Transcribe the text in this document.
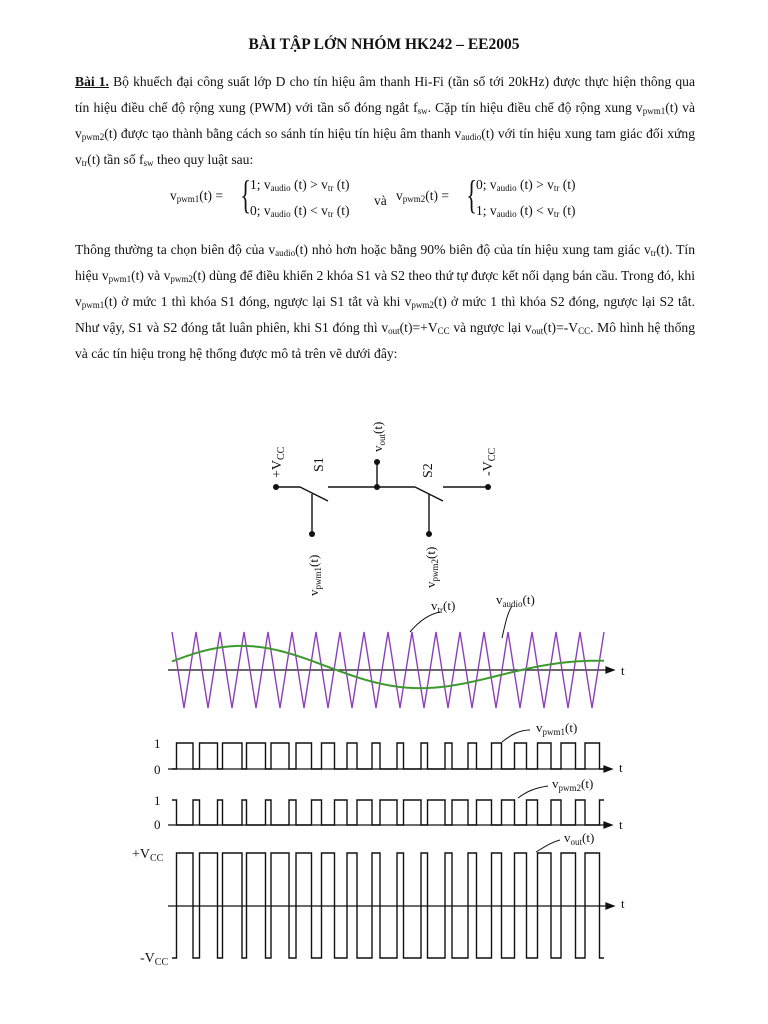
BÀI TẬP LỚN NHÓM HK242 – EE2005
Bài 1. Bộ khuếch đại công suất lớp D cho tín hiệu âm thanh Hi-Fi (tần số tới 20kHz) được thực hiện thông qua tín hiệu điều chế độ rộng xung (PWM) với tần số đóng ngắt $f_{sw}$. Cặp tín hiệu điều chế độ rộng xung $v_{pwm1}(t)$ và $v_{pwm2}(t)$ được tạo thành bằng cách so sánh tín hiệu tín hiệu âm thanh $v_{audio}(t)$ với tín hiệu xung tam giác đối xứng $v_{tr}(t)$ tần số $f_{sw}$ theo quy luật sau:
$v_{pwm1}(t)$ = { 1; $v_{audio}$ $(t) > v_{tr}$ (t)
0; $v_{audio}$ $(t) < v_{tr}$ (t)
và $v_{pwm2}(t)$ = { 0; $v_{audio}$ $(t) > v_{tr}$ (t)
1; $v_{audio}$ $(t) < v_{tr}$ (t)
Thông thường ta chọn biên độ của $v_{audio}(t)$ nhỏ hơn hoặc bằng 90% biên độ của tín hiệu xung tam giác $v_{tr}(t)$. Tín hiệu $v_{pwm1}(t)$ và $v_{pwm2}(t)$ dùng để điều khiển 2 khóa S1 và S2 theo thứ tự được kết nối dạng bán cầu. Trong đó, khi $v_{pwm1}(t)$ ở mức 1 thì khóa S1 đóng, ngược lại S1 tắt và khi $v_{pwm2}(t)$ ở mức 1 thì khóa S2 đóng, ngược lại S2 tắt. Như vậy, S1 và S2 đóng tắt luân phiên, khi S1 đóng thì $v_{out}(t)=+V_{CC}$ và ngược lại $v_{out}(t)=-V_{CC}$. Mô hình hệ thống và các tín hiệu trong hệ thống được mô tả trên vẽ dưới đây:
$+V_{CC}$
S1
$v_{out}(t)$
S2	$-V_{CC}$
$v_{pwm1}(t)$
$v_{pwm2}(t)$
$v_{tr}(t)$	$v_{audio}(t)$
t
1
0	t
$v_{pwm1}(t)$
1
0	t
$v_{pwm2}(t)$
$+V_{CC}$
$-V_{CC}$
t
$v_{out}(t)$
